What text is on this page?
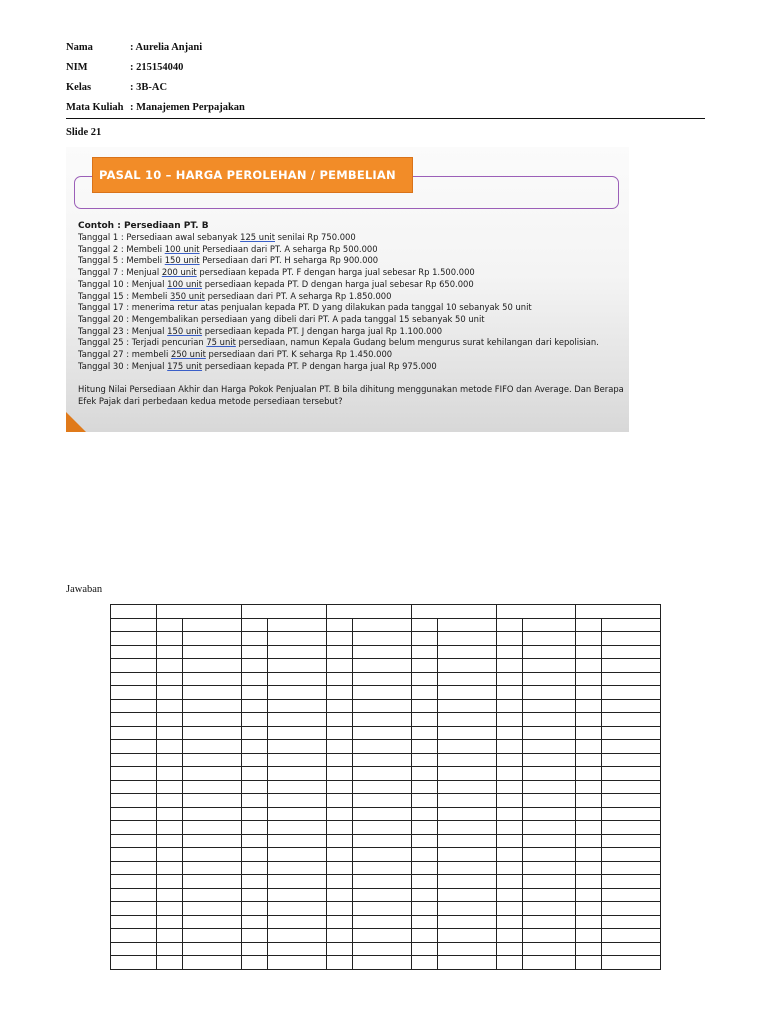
Nama	: Aurelia Anjani
NIM	: 215154040
Kelas	: 3B-AC
Mata Kuliah : Manajemen Perpajakan
Slide 21
PASAL 10 – HARGA PEROLEHAN / PEMBELIAN
Contoh : Persediaan PT. B
Tanggal 1 : Persediaan awal sebanyak 125 unit senilai Rp 750.000
Tanggal 2 : Membeli 100 unit Persediaan dari PT. A seharga Rp 500.000
Tanggal 5 : Membeli 150 unit Persediaan dari PT. H seharga Rp 900.000
Tanggal 7 : Menjual 200 unit persediaan kepada PT. F dengan harga jual sebesar Rp 1.500.000
Tanggal 10 : Menjual 100 unit persediaan kepada PT. D dengan harga jual sebesar Rp 650.000
Tanggal 15 : Membeli 350 unit persediaan dari PT. A seharga Rp 1.850.000
Tanggal 17 : menerima retur atas penjualan kepada PT. D yang dilakukan pada tanggal 10 sebanyak 50 unit
Tanggal 20 : Mengembalikan persediaan yang dibeli dari PT. A pada tanggal 15 sebanyak 50 unit
Tanggal 23 : Menjual 150 unit persediaan kepada PT. J dengan harga jual Rp 1.100.000
Tanggal 25 : Terjadi pencurian 75 unit persediaan, namun Kepala Gudang belum mengurus surat kehilangan dari kepolisian.
Tanggal 27 : membeli 250 unit persediaan dari PT. K seharga Rp 1.450.000
Tanggal 30 : Menjual 175 unit persediaan kepada PT. P dengan harga jual Rp 975.000
Hitung Nilai Persediaan Akhir dan Harga Pokok Penjualan PT. B bila dihitung menggunakan metode FIFO dan Average. Dan Berapa Efek Pajak dari perbedaan kedua metode persediaan tersebut?
Jawaban
